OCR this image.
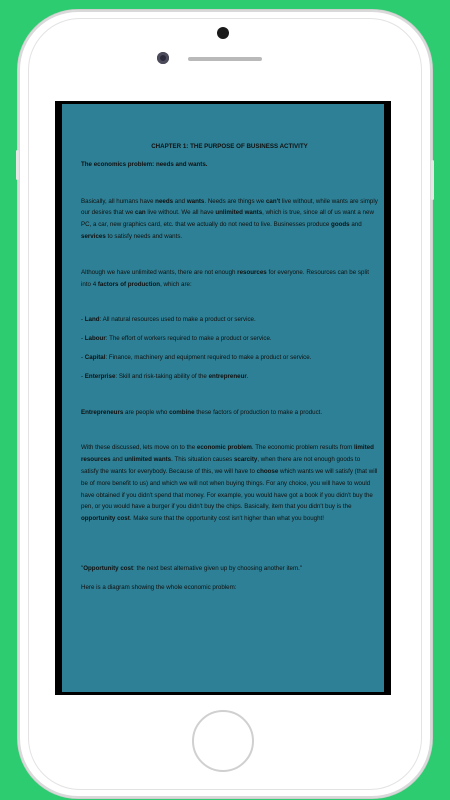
CHAPTER 1: THE PURPOSE OF BUSINESS ACTIVITY

The economics problem: needs and wants.

Basically, all humans have needs and wants. Needs are things we can't live without, while wants are simply our desires that we can live without. We all have unlimited wants, which is true, since all of us want a new PC, a car, new graphics card, etc. that we actually do not need to live. Businesses produce goods and services to satisfy needs and wants.

Although we have unlimited wants, there are not enough resources for everyone. Resources can be split into 4 factors of production, which are:

- Land: All natural resources used to make a product or service.

- Labour: The effort of workers required to make a product or service.

- Capital: Finance, machinery and equipment required to make a product or service.

- Enterprise: Skill and risk-taking ability of the entrepreneur.

Entrepreneurs are people who combine these factors of production to make a product.

With these discussed, lets move on to the economic problem. The economic problem results from limited resources and unlimited wants. This situation causes scarcity, when there are not enough goods to satisfy the wants for everybody. Because of this, we will have to choose which wants we will satisfy (that will be of more benefit to us) and which we will not when buying things. For any choice, you will have to would have obtained if you didn't spend that money. For example, you would have got a book if you didn't buy the pen, or you would have a burger if you didn't buy the chips. Basically, item that you didn't buy is the opportunity cost. Make sure that the opportunity cost isn't higher than what you bought!

"Opportunity cost: the next best alternative given up by choosing another item."

Here is a diagram showing the whole economic problem:
